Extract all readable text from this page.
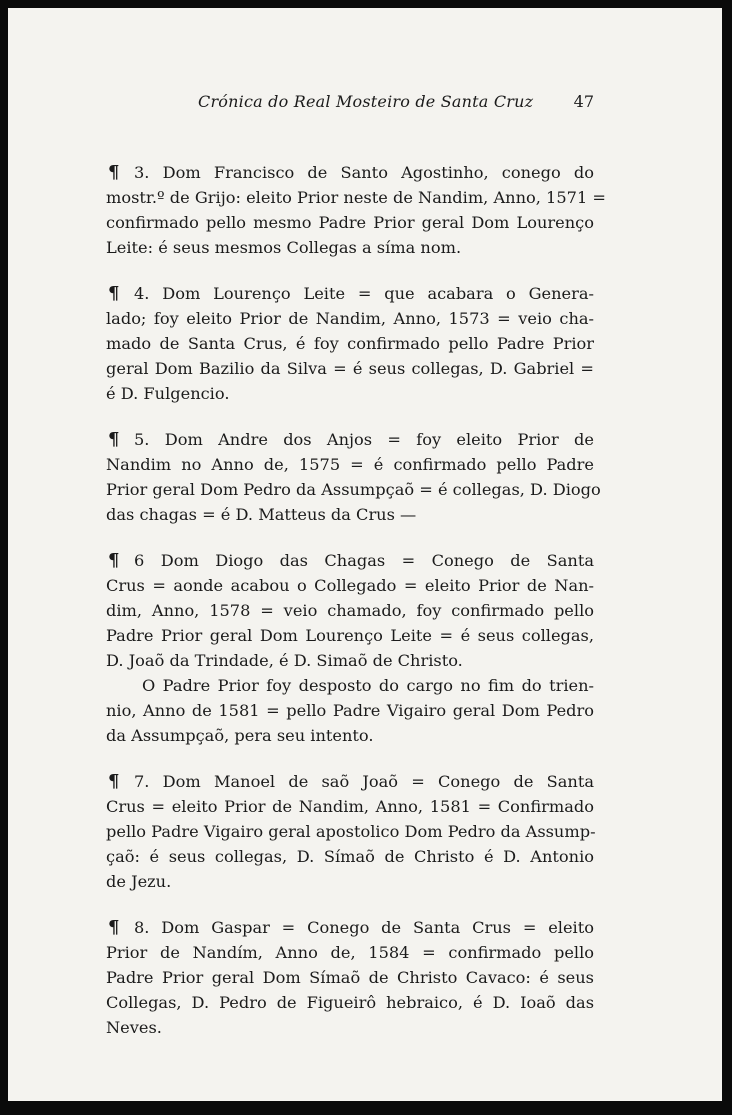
Crónica do Real Mosteiro de Santa Cruz	47
¶ 3. Dom Francisco de Santo Agostinho, conego do
mostr.º de Grijo: eleito Prior neste de Nandim, Anno, 1571 =
confirmado pello mesmo Padre Prior geral Dom Lourenço
Leite: é seus mesmos Collegas a síma nom.
¶ 4. Dom Lourenço Leite = que acabara o Genera-
lado; foy eleito Prior de Nandim, Anno, 1573 = veio cha-
mado de Santa Crus, é foy confirmado pello Padre Prior
geral Dom Bazilio da Silva = é seus collegas, D. Gabriel =
é D. Fulgencio.
¶ 5. Dom Andre dos Anjos = foy eleito Prior de
Nandim no Anno de, 1575 = é confirmado pello Padre
Prior geral Dom Pedro da Assumpçaõ = é collegas, D. Diogo
das chagas = é D. Matteus da Crus —
¶ 6 Dom Diogo das Chagas = Conego de Santa
Crus = aonde acabou o Collegado = eleito Prior de Nan-
dim, Anno, 1578 = veio chamado, foy confirmado pello
Padre Prior geral Dom Lourenço Leite = é seus collegas,
D. Joaõ da Trindade, é D. Simaõ de Christo.
O Padre Prior foy desposto do cargo no fim do trien-
nio, Anno de 1581 = pello Padre Vigairo geral Dom Pedro
da Assumpçaõ, pera seu intento.
¶ 7. Dom Manoel de saõ Joaõ = Conego de Santa
Crus = eleito Prior de Nandim, Anno, 1581 = Confirmado
pello Padre Vigairo geral apostolico Dom Pedro da Assump-
çaõ: é seus collegas, D. Símaõ de Christo é D. Antonio
de Jezu.
¶ 8. Dom Gaspar = Conego de Santa Crus = eleito
Prior de Nandím, Anno de, 1584 = confirmado pello
Padre Prior geral Dom Símaõ de Christo Cavaco: é seus
Collegas, D. Pedro de Figueirô hebraico, é D. Ioaõ das
Neves.
